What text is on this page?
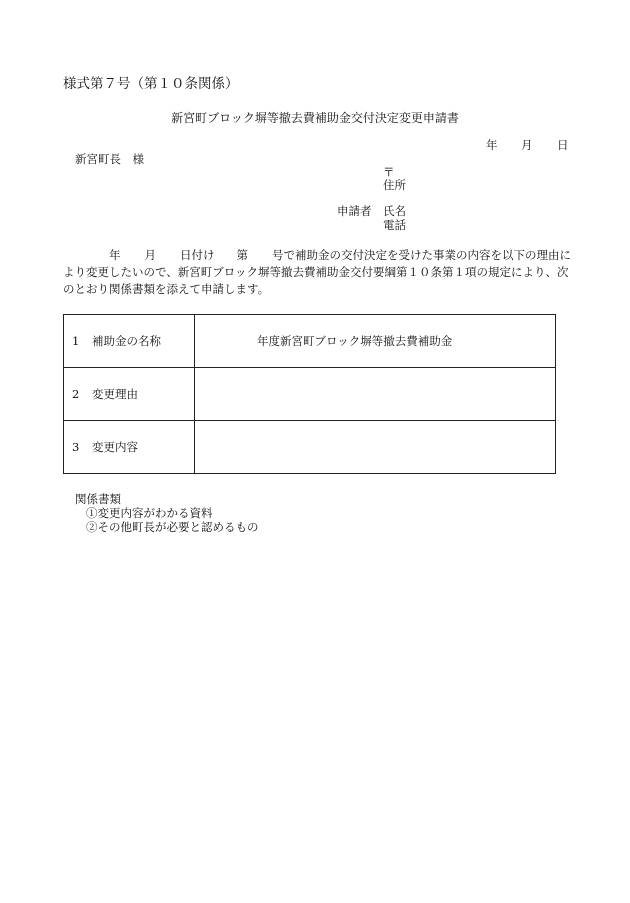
様式第７号（第１０条関係）
新宮町ブロック塀等撤去費補助金交付決定変更申請書
年 月 日
新宮町長　様
〒
住所
申請者 氏名
電話
年 月 日付け 第 号で補助金の交付決定を受けた事業の内容を以下の理由に
より変更したいので、新宮町ブロック塀等撤去費補助金交付要綱第１０条第１項の規定により、次
のとおり関係書類を添えて申請します。
1 補助金の名称	年度新宮町ブロック塀等撤去費補助金
2 変更理由	
3 変更内容	
関係書類
①変更内容がわかる資料
②その他町長が必要と認めるもの
